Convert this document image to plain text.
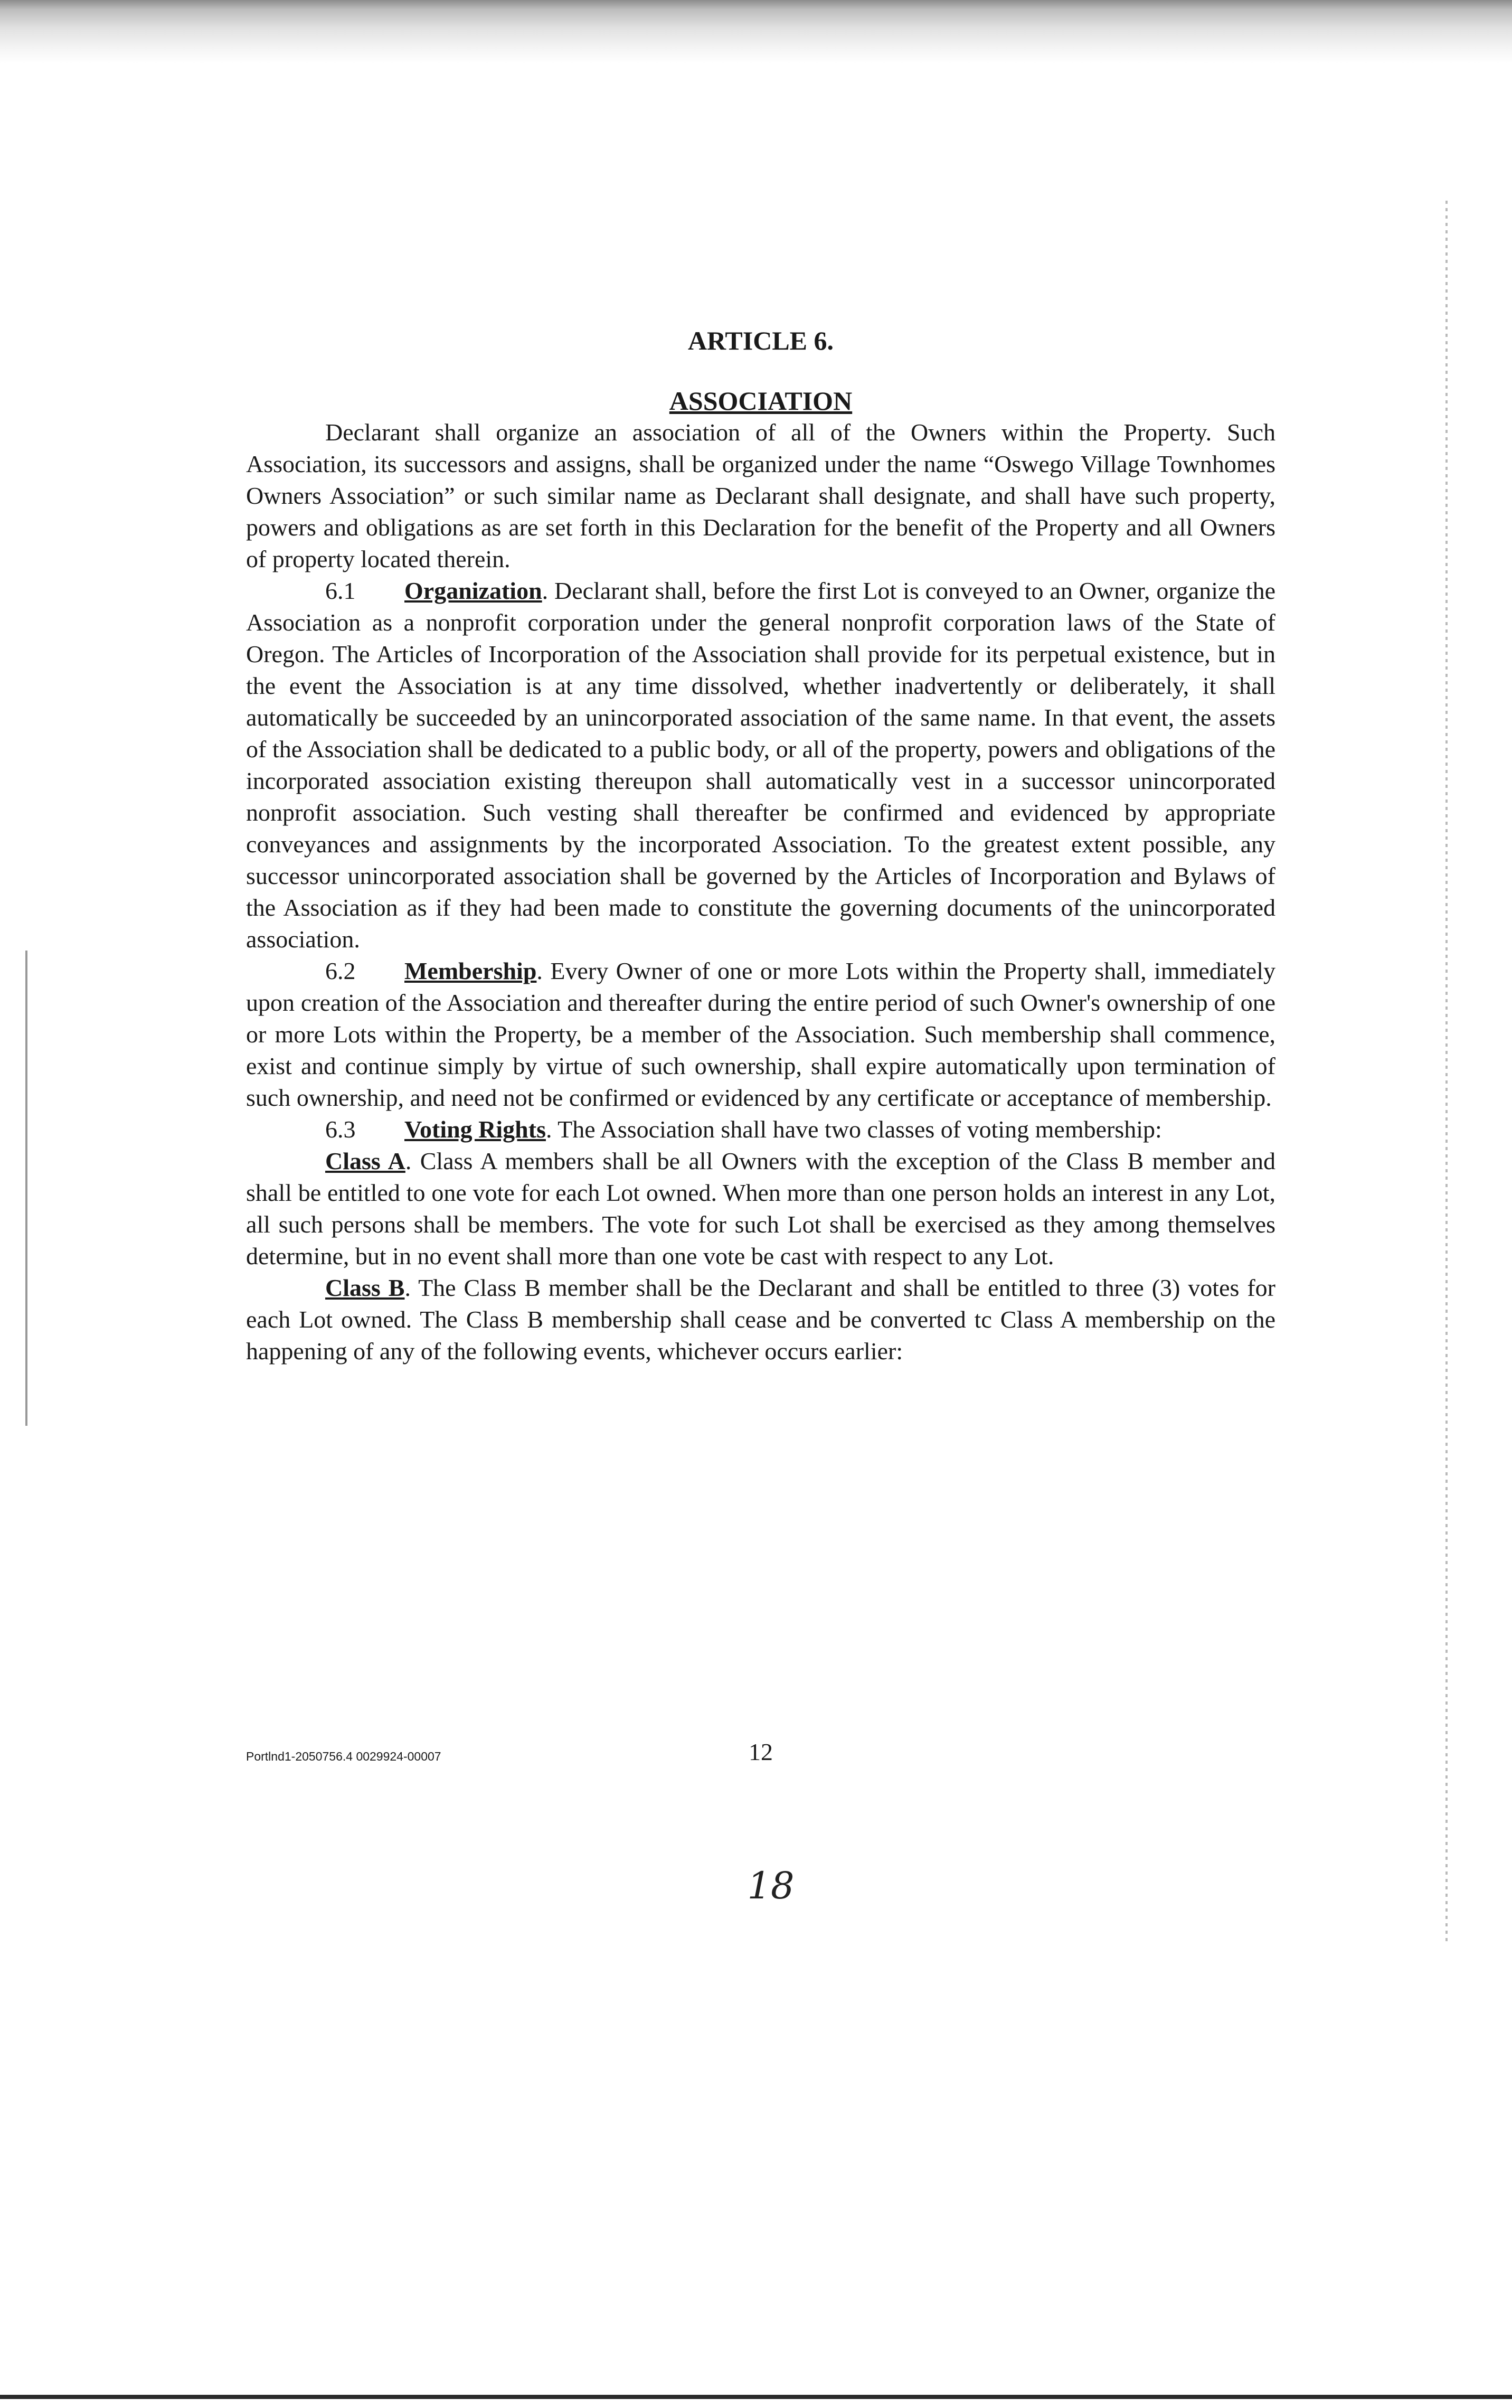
ARTICLE 6.

ASSOCIATION

Declarant shall organize an association of all of the Owners within the Property. Such Association, its successors and assigns, shall be organized under the name “Oswego Village Townhomes Owners Association” or such similar name as Declarant shall designate, and shall have such property, powers and obligations as are set forth in this Declaration for the benefit of the Property and all Owners of property located therein.

6.1 Organization. Declarant shall, before the first Lot is conveyed to an Owner, organize the Association as a nonprofit corporation under the general nonprofit corporation laws of the State of Oregon. The Articles of Incorporation of the Association shall provide for its perpetual existence, but in the event the Association is at any time dissolved, whether inadvertently or deliberately, it shall automatically be succeeded by an unincorporated association of the same name. In that event, the assets of the Association shall be dedicated to a public body, or all of the property, powers and obligations of the incorporated association existing thereupon shall automatically vest in a successor unincorporated nonprofit association. Such vesting shall thereafter be confirmed and evidenced by appropriate conveyances and assignments by the incorporated Association. To the greatest extent possible, any successor unincorporated association shall be governed by the Articles of Incorporation and Bylaws of the Association as if they had been made to constitute the governing documents of the unincorporated association.

6.2 Membership. Every Owner of one or more Lots within the Property shall, immediately upon creation of the Association and thereafter during the entire period of such Owner's ownership of one or more Lots within the Property, be a member of the Association. Such membership shall commence, exist and continue simply by virtue of such ownership, shall expire automatically upon termination of such ownership, and need not be confirmed or evidenced by any certificate or acceptance of membership.

6.3 Voting Rights. The Association shall have two classes of voting membership:

Class A. Class A members shall be all Owners with the exception of the Class B member and shall be entitled to one vote for each Lot owned. When more than one person holds an interest in any Lot, all such persons shall be members. The vote for such Lot shall be exercised as they among themselves determine, but in no event shall more than one vote be cast with respect to any Lot.

Class B. The Class B member shall be the Declarant and shall be entitled to three (3) votes for each Lot owned. The Class B membership shall cease and be converted tc Class A membership on the happening of any of the following events, whichever occurs earlier:

Portlnd1-2050756.4 0029924-00007	12
18
